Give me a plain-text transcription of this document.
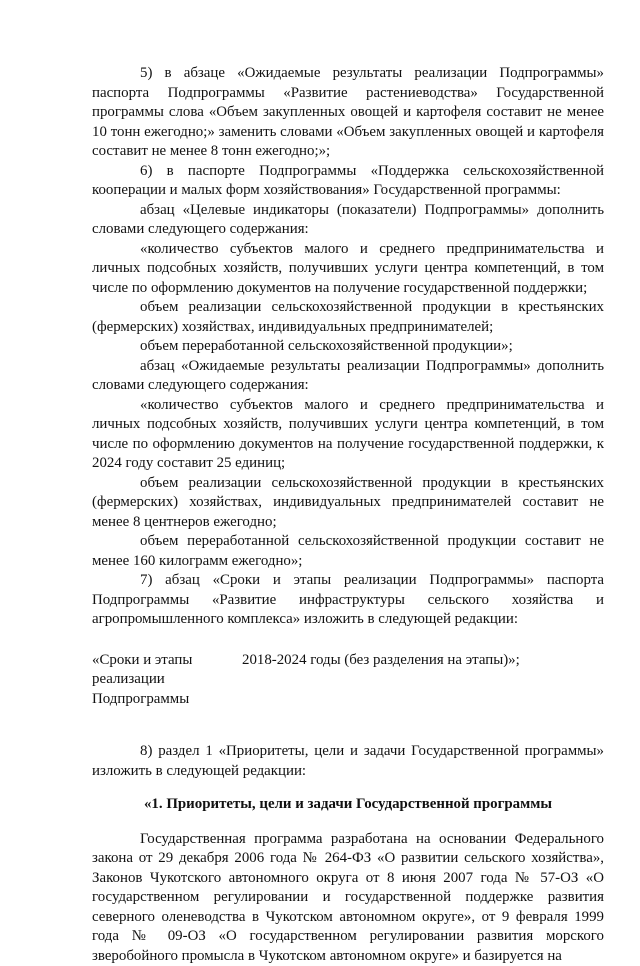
5) в абзаце «Ожидаемые результаты реализации Подпрограммы» паспорта Подпрограммы «Развитие растениеводства» Государственной программы слова «Объем закупленных овощей и картофеля составит не менее 10 тонн ежегодно;» заменить словами «Объем закупленных овощей и картофеля составит не менее 8 тонн ежегодно;»;

6) в паспорте Подпрограммы «Поддержка сельскохозяйственной кооперации и малых форм хозяйствования» Государственной программы:

абзац «Целевые индикаторы (показатели) Подпрограммы» дополнить словами следующего содержания:

«количество субъектов малого и среднего предпринимательства и личных подсобных хозяйств, получивших услуги центра компетенций, в том числе по оформлению документов на получение государственной поддержки;

объем реализации сельскохозяйственной продукции в крестьянских (фермерских) хозяйствах, индивидуальных предпринимателей;

объем переработанной сельскохозяйственной продукции»;

абзац «Ожидаемые результаты реализации Подпрограммы» дополнить словами следующего содержания:

«количество субъектов малого и среднего предпринимательства и личных подсобных хозяйств, получивших услуги центра компетенций, в том числе по оформлению документов на получение государственной поддержки, к 2024 году составит 25 единиц;

объем реализации сельскохозяйственной продукции в крестьянских (фермерских) хозяйствах, индивидуальных предпринимателей составит не менее 8 центнеров ежегодно;

объем переработанной сельскохозяйственной продукции составит не менее 160 килограмм ежегодно»;

7) абзац «Сроки и этапы реализации Подпрограммы» паспорта Подпрограммы «Развитие инфраструктуры сельского хозяйства и агропромышленного комплекса» изложить в следующей редакции:

«Сроки и этапы реализации Подпрограммы
2018-2024 годы (без разделения на этапы)»;

8) раздел 1 «Приоритеты, цели и задачи Государственной программы» изложить в следующей редакции:

«1. Приоритеты, цели и задачи Государственной программы

Государственная программа разработана на основании Федерального закона от 29 декабря 2006 года № 264-ФЗ «О развитии сельского хозяйства», Законов Чукотского автономного округа от 8 июня 2007 года № 57-ОЗ «О государственном регулировании и государственной поддержке развития северного оленеводства в Чукотском автономном округе», от 9 февраля 1999 года № 09-ОЗ «О государственном регулировании развития морского зверобойного промысла в Чукотском автономном округе» и базируется на
